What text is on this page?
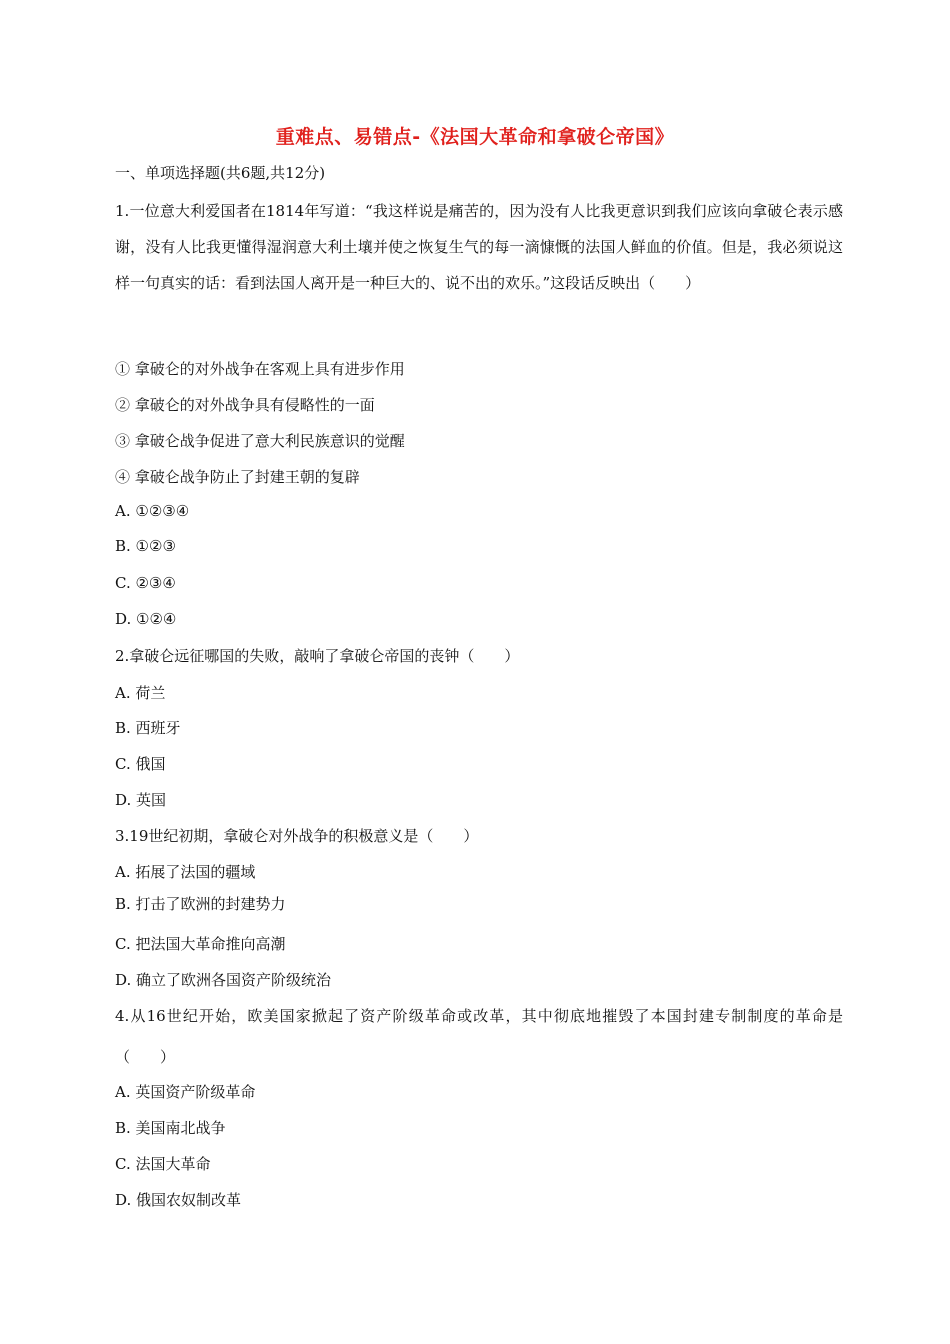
重难点、易错点-《法国大革命和拿破仑帝国》
一、单项选择题(共6题,共12分)
1.一位意大利爱国者在1814年写道：“我这样说是痛苦的，因为没有人比我更意识到我们应该向拿破仑表示感谢，没有人比我更懂得湿润意大利土壤并使之恢复生气的每一滴慷慨的法国人鲜血的价值。但是，我必须说这样一句真实的话：看到法国人离开是一种巨大的、说不出的欢乐。”这段话反映出（　　）
① 拿破仑的对外战争在客观上具有进步作用
② 拿破仑的对外战争具有侵略性的一面
③ 拿破仑战争促进了意大利民族意识的觉醒
④ 拿破仑战争防止了封建王朝的复辟
A. ①②③④
B. ①②③
C. ②③④
D. ①②④
2.拿破仑远征哪国的失败，敲响了拿破仑帝国的丧钟（　　）
A. 荷兰
B. 西班牙
C. 俄国
D. 英国
3.19世纪初期，拿破仑对外战争的积极意义是（　　）
A. 拓展了法国的疆域
B. 打击了欧洲的封建势力
C. 把法国大革命推向高潮
D. 确立了欧洲各国资产阶级统治
4.从16世纪开始，欧美国家掀起了资产阶级革命或改革，其中彻底地摧毁了本国封建专制制度的革命是（　　）
A. 英国资产阶级革命
B. 美国南北战争
C. 法国大革命
D. 俄国农奴制改革
